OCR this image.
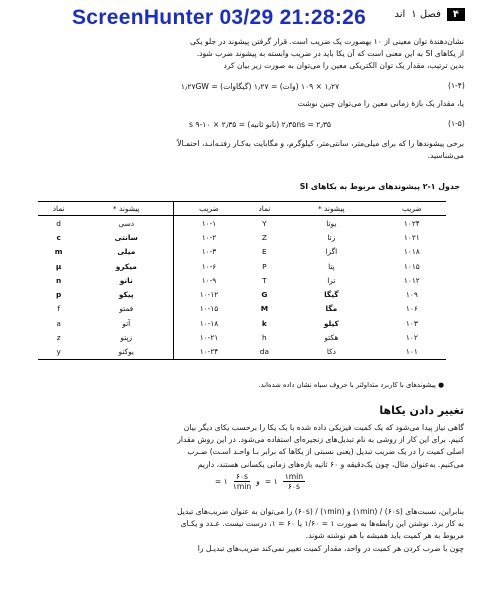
ScreenHunter 03/29 21:28:26	۴
فصل ۱
اند
نشان‌دهندهٔ توان معینی از ۱۰ بهصورت یک ضریب است. قرار گرفتن پیشوند در جلو یکی
از یکاهای SI به این معنی است که آن یکا باید در ضریب وابسته به پیشوند ضرب شود.
بدین ترتیب، مقدار یک توان الکتریکی معین را می‌توان به صورت زیر بیان کرد
(۱-۴)
۱٫۲۷ × ۱۰۹ (وات) = ۱٫۲۷ (گیگاوات) = ۱٫۲۷GW
یا، مقدار یک بازهٔ زمانی معین را می‌توان چنین نوشت
(۱-۵)
۲٫۳۵ns = ۲٫۳۵ (نانو ثانیه) = ۲٫۳۵ × ۱۰-۹ s
برخی پیشوندها را که برای میلی‌متر، سانتی‌متر، کیلوگرم، و مگابایت به‌کـار رفتـه‌انـد، احتمـالاً
می‌شناسید.
جدول ۱-۲ پیشوندهای مربوط به یکاهای SI
ضریب	پیشوند *	نماد	ضریب	پیشوند *	نماد
۱۰۲۴	یوتا	Y	۱۰-۱	دسی	d
۱۰۲۱	زتا	Z	۱۰-۲	سانتی	c
۱۰۱۸	اگزا	E	۱۰-۳	میلی	m
۱۰۱۵	پتا	P	۱۰-۶	میکرو	µ
۱۰۱۲	ترا	T	۱۰-۹	نانو	n
۱۰۹	گیگا	G	۱۰-۱۲	پیکو	p
۱۰۶	مگا	M	۱۰-۱۵	فمتو	f
۱۰۳	کیلو	k	۱۰-۱۸	آتو	a
۱۰۲	هکتو	h	۱۰-۲۱	زپتو	z
۱۰۱	دکا	da	۱۰-۲۴	یوکتو	y
● پیشوندهای با کاربرد متداولتر با حروف سیاه نشان داده شده‌اند.
تغییر دادن یکاها
گاهی نیاز پیدا می‌شود که یک کمیت فیزیکی داده شده با یک یکا را برحسب یکای دیگر بیان
کنیم. برای این کار از روشی به نام تبدیل‌های زنجیره‌ای استفاده می‌شود. در این روش مقدار
اصلی کمیت را در یک ضریب تبدیل (یعنی نسبتی از یکاها که برابر بـا واحـد اسـت) ضـرب
می‌کنیم. به‌عنوان مثال، چون یک‌دقیقه و ۶۰ ثانیه بازه‌های زمانی یکسانی هستند، داریم
= ۱
۶۰s
۱min
و = ۱
۱min
۶۰s
بنابراین، نسبت‌های (۶۰s) / (۱min) و (۱min) / (۶۰s) را می‌توان به عنوان ضریب‌های تبدیل
به کار برد. نوشتن این رابطه‌ها به صورت ۱ = ۱/۶۰ یا ۶۰ = ۱، درست نیست. عـدد و یکـای
مربوط به هر کمیت باید همیشه با هم نوشته شوند.
چون با ضرب کردن هر کمیت در واحد، مقدار کمیت تغییر نمی‌کند ضریب‌های تبدیـل را
